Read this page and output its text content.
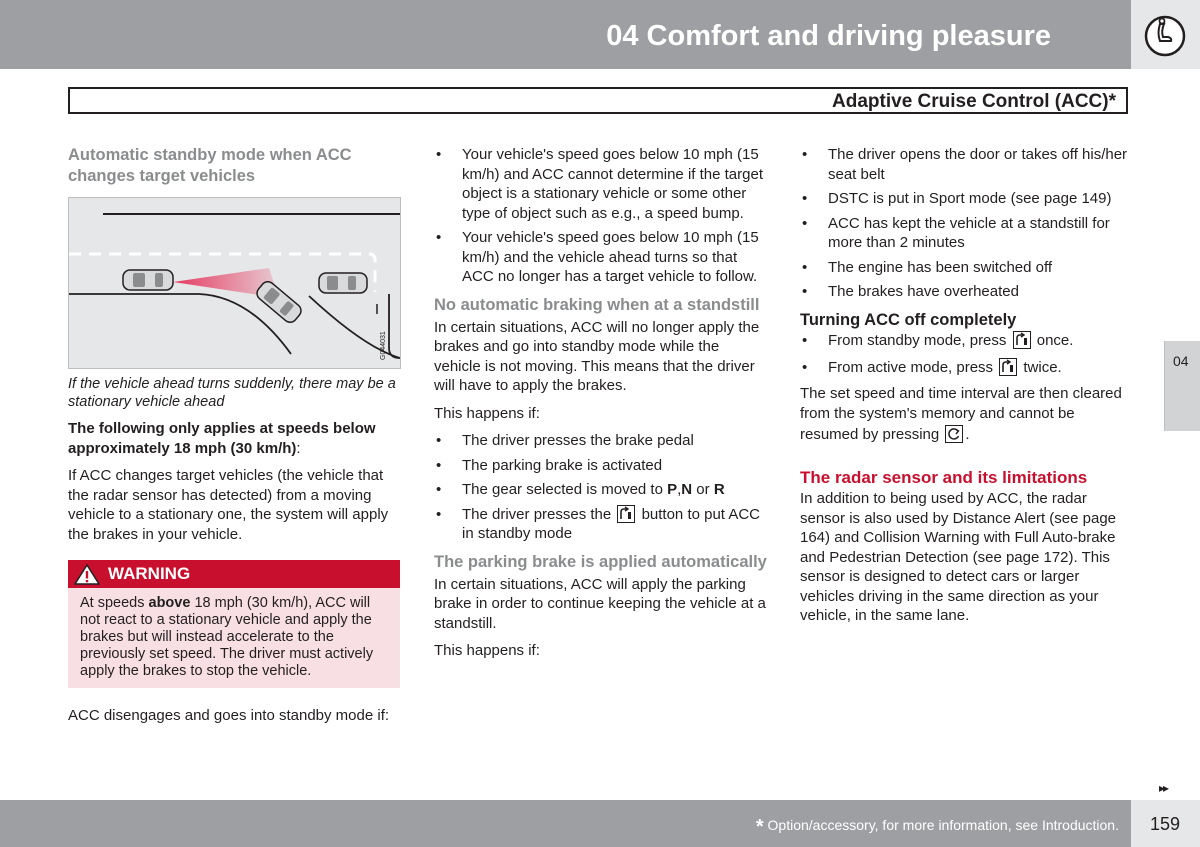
04 Comfort and driving pleasure
Adaptive Cruise Control (ACC)*
Automatic standby mode when ACC changes target vehicles
G044031
If the vehicle ahead turns suddenly, there may be a stationary vehicle ahead
The following only applies at speeds below approximately 18 mph (30 km/h):

If ACC changes target vehicles (the vehicle that the radar sensor has detected) from a moving vehicle to a stationary one, the system will apply the brakes in your vehicle.

WARNING
At speeds above 18 mph (30 km/h), ACC will not react to a stationary vehicle and apply the brakes but will instead accelerate to the previously set speed. The driver must actively apply the brakes to stop the vehicle.

ACC disengages and goes into standby mode if:

• Your vehicle's speed goes below 10 mph (15 km/h) and ACC cannot determine if the target object is a stationary vehicle or some other type of object such as e.g., a speed bump.
• Your vehicle's speed goes below 10 mph (15 km/h) and the vehicle ahead turns so that ACC no longer has a target vehicle to follow.
No automatic braking when at a standstill

In certain situations, ACC will no longer apply the brakes and go into standby mode while the vehicle is not moving. This means that the driver will have to apply the brakes.

This happens if:

• The driver presses the brake pedal
• The parking brake is activated
• The gear selected is moved to P,N or R
• The driver presses the  button to put ACC in standby mode
The parking brake is applied automatically

In certain situations, ACC will apply the parking brake in order to continue keeping the vehicle at a standstill.

This happens if:

• The driver opens the door or takes off his/her seat belt
• DSTC is put in Sport mode (see page 149)
• ACC has kept the vehicle at a standstill for more than 2 minutes
• The engine has been switched off
• The brakes have overheated
Turning ACC off completely
• From standby mode, press  once.
• From active mode, press  twice.

The set speed and time interval are then cleared from the system's memory and cannot be resumed by pressing .

The radar sensor and its limitations

In addition to being used by ACC, the radar sensor is also used by Distance Alert (see page 164) and Collision Warning with Full Auto-brake and Pedestrian Detection (see page 172). This sensor is designed to detect cars or larger vehicles driving in the same direction as your vehicle, in the same lane.

04
▸▸
* Option/accessory, for more information, see Introduction. 159
